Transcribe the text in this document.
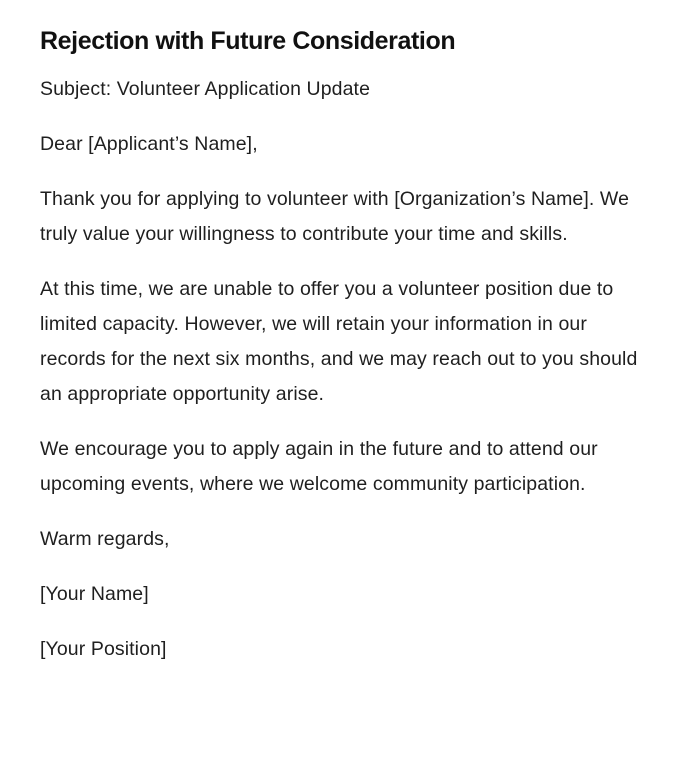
Rejection with Future Consideration

Subject: Volunteer Application Update

Dear [Applicant’s Name],

Thank you for applying to volunteer with [Organization’s Name]. We truly value your willingness to contribute your time and skills.

At this time, we are unable to offer you a volunteer position due to limited capacity. However, we will retain your information in our records for the next six months, and we may reach out to you should an appropriate opportunity arise.

We encourage you to apply again in the future and to attend our upcoming events, where we welcome community participation.

Warm regards,

[Your Name]

[Your Position]
